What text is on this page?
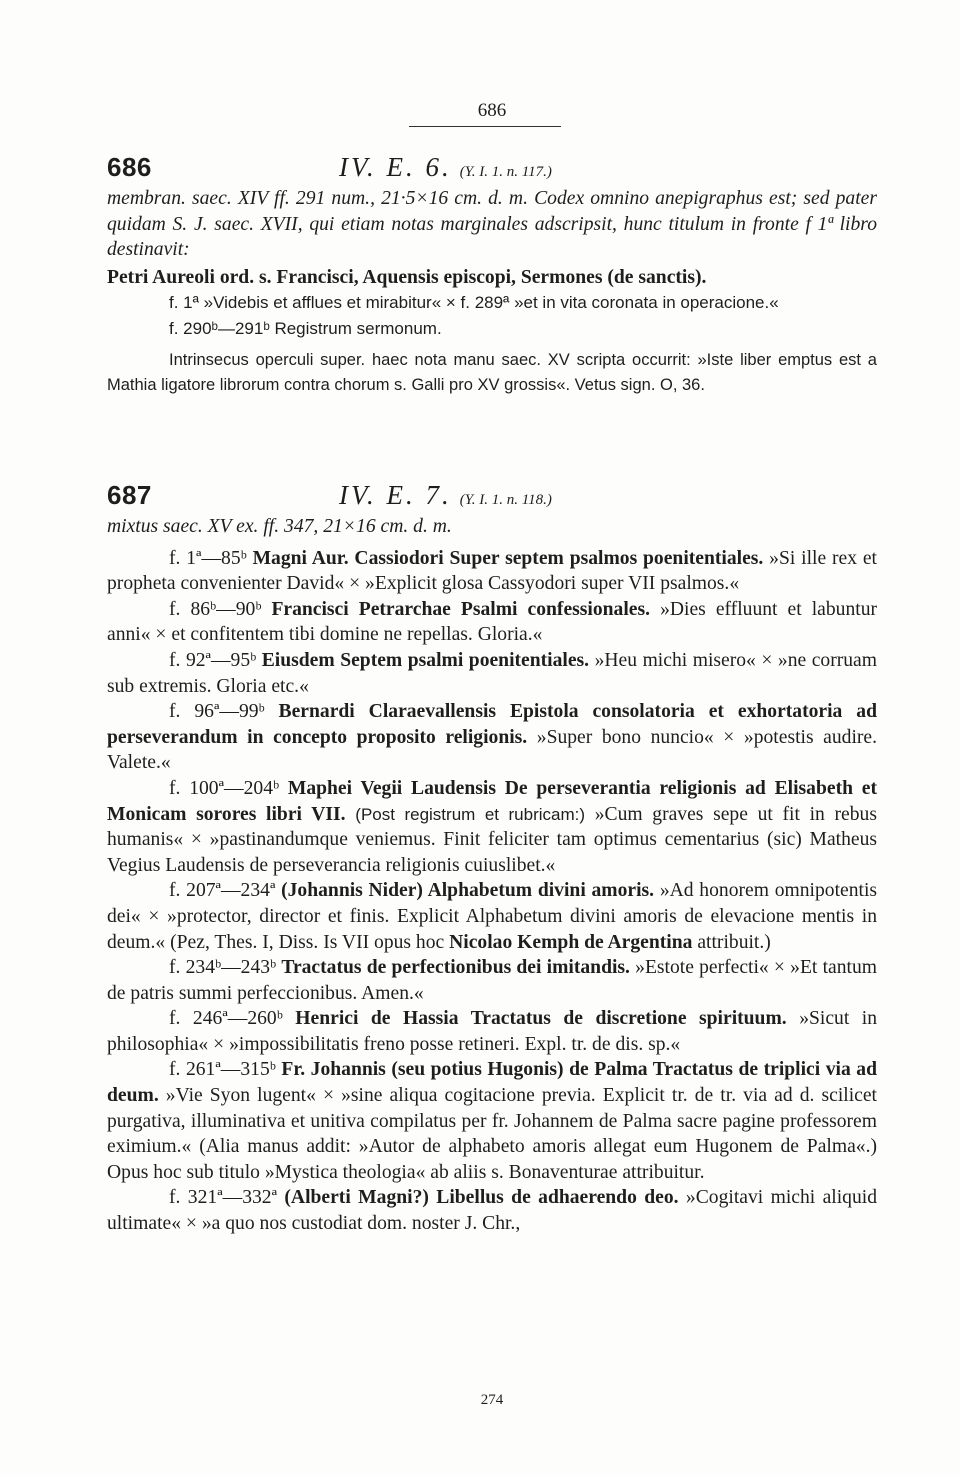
686
686	IV. E. 6. (Y. I. 1. n. 117.)

membran. saec. XIV ff. 291 num., 21·5×16 cm. d. m. Codex omnino anepigraphus est; sed pater quidam S. J. saec. XVII, qui etiam notas marginales adscripsit, hunc titulum in fronte f 1ª libro destinavit:

Petri Aureoli ord. s. Francisci, Aquensis episcopi, Sermones (de sanctis).

f. 1ª »Videbis et afflues et mirabitur« × f. 289ª »et in vita coronata in operacione.«

f. 290ᵇ—291ᵇ Registrum sermonum.

Intrinsecus operculi super. haec nota manu saec. XV scripta occurrit: »Iste liber emptus est a Mathia ligatore librorum contra chorum s. Galli pro XV grossis«. Vetus sign. O, 36.

687	IV. E. 7. (Y. I. 1. n. 118.)

mixtus saec. XV ex. ff. 347, 21×16 cm. d. m.

f. 1ª—85ᵇ Magni Aur. Cassiodori Super septem psalmos poenitentiales. »Si ille rex et propheta convenienter David« × »Explicit glosa Cassyodori super VII psalmos.«

f. 86ᵇ—90ᵇ Francisci Petrarchae Psalmi confessionales. »Dies effluunt et labuntur anni« × et confitentem tibi domine ne repellas. Gloria.«

f. 92ª—95ᵇ Eiusdem Septem psalmi poenitentiales. »Heu michi misero« × »ne corruam sub extremis. Gloria etc.«

f. 96ª—99ᵇ Bernardi Claraevallensis Epistola consolatoria et exhortatoria ad perseverandum in concepto proposito religionis. »Super bono nuncio« × »potestis audire. Valete.«

f. 100ª—204ᵇ Maphei Vegii Laudensis De perseverantia religionis ad Elisabeth et Monicam sorores libri VII. (Post registrum et rubricam:) »Cum graves sepe ut fit in rebus humanis« × »pastinandumque veniemus. Finit feliciter tam optimus cementarius (sic) Matheus Vegius Laudensis de perseverancia religionis cuiuslibet.«

f. 207ª—234ª (Johannis Nider) Alphabetum divini amoris. »Ad honorem omnipotentis dei« × »protector, director et finis. Explicit Alphabetum divini amoris de elevacione mentis in deum.« (Pez, Thes. I, Diss. Is VII opus hoc Nicolao Kemph de Argentina attribuit.)

f. 234ᵇ—243ᵇ Tractatus de perfectionibus dei imitandis. »Estote perfecti« × »Et tantum de patris summi perfeccionibus. Amen.«

f. 246ª—260ᵇ Henrici de Hassia Tractatus de discretione spirituum. »Sicut in philosophia« × »impossibilitatis freno posse retineri. Expl. tr. de dis. sp.«

f. 261ª—315ᵇ Fr. Johannis (seu potius Hugonis) de Palma Tractatus de triplici via ad deum. »Vie Syon lugent« × »sine aliqua cogitacione previa. Explicit tr. de tr. via ad d. scilicet purgativa, illuminativa et unitiva compilatus per fr. Johannem de Palma sacre pagine professorem eximium.« (Alia manus addit: »Autor de alphabeto amoris allegat eum Hugonem de Palma«.) Opus hoc sub titulo »Mystica theologia« ab aliis s. Bonaventurae attribuitur.

f. 321ª—332ª (Alberti Magni?) Libellus de adhaerendo deo. »Cogitavi michi aliquid ultimate« × »a quo nos custodiat dom. noster J. Chr.,

274
